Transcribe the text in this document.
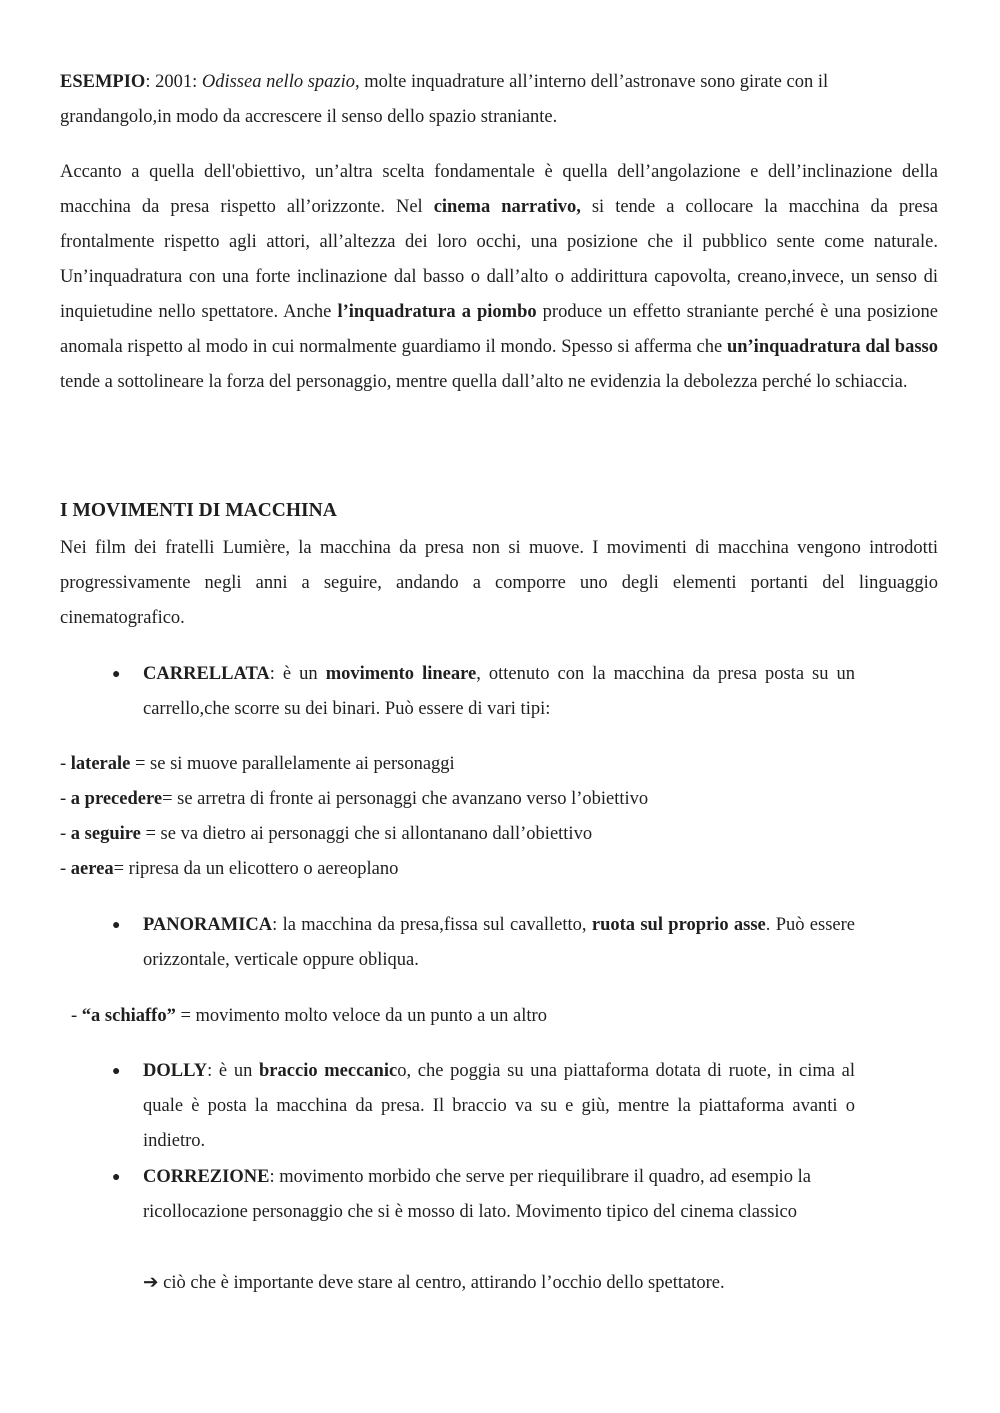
ESEMPIO: 2001: Odissea nello spazio, molte inquadrature all’interno dell’astronave sono girate con il grandangolo,in modo da accrescere il senso dello spazio straniante.

Accanto a quella dell'obiettivo, un’altra scelta fondamentale è quella dell’angolazione e dell’inclinazione della macchina da presa rispetto all’orizzonte. Nel cinema narrativo, si tende a collocare la macchina da presa frontalmente rispetto agli attori, all’altezza dei loro occhi, una posizione che il pubblico sente come naturale. Un’inquadratura con una forte inclinazione dal basso o dall’alto o addirittura capovolta, creano,invece, un senso di inquietudine nello spettatore. Anche l’inquadratura a piombo produce un effetto straniante perché è una posizione anomala rispetto al modo in cui normalmente guardiamo il mondo. Spesso si afferma che un’inquadratura dal basso tende a sottolineare la forza del personaggio, mentre quella dall’alto ne evidenzia la debolezza perché lo schiaccia.

I MOVIMENTI DI MACCHINA

Nei film dei fratelli Lumière, la macchina da presa non si muove. I movimenti di macchina vengono introdotti progressivamente negli anni a seguire, andando a comporre uno degli elementi portanti del linguaggio cinematografico.

● CARRELLATA: è un movimento lineare, ottenuto con la macchina da presa posta su un carrello,che scorre su dei binari. Può essere di vari tipi:

- laterale = se si muove parallelamente ai personaggi
- a precedere= se arretra di fronte ai personaggi che avanzano verso l’obiettivo
- a seguire = se va dietro ai personaggi che si allontanano dall’obiettivo
- aerea= ripresa da un elicottero o aereoplano
● PANORAMICA: la macchina da presa,fissa sul cavalletto, ruota sul proprio asse. Può essere orizzontale, verticale oppure obliqua.

- “a schiaffo” = movimento molto veloce da un punto a un altro
● DOLLY: è un braccio meccanico, che poggia su una piattaforma dotata di ruote, in cima al quale è posta la macchina da presa. Il braccio va su e giù, mentre la piattaforma avanti o indietro.

● CORREZIONE: movimento morbido che serve per riequilibrare il quadro, ad esempio la ricollocazione personaggio che si è mosso di lato. Movimento tipico del cinema classico

➔ ciò che è importante deve stare al centro, attirando l’occhio dello spettatore.
